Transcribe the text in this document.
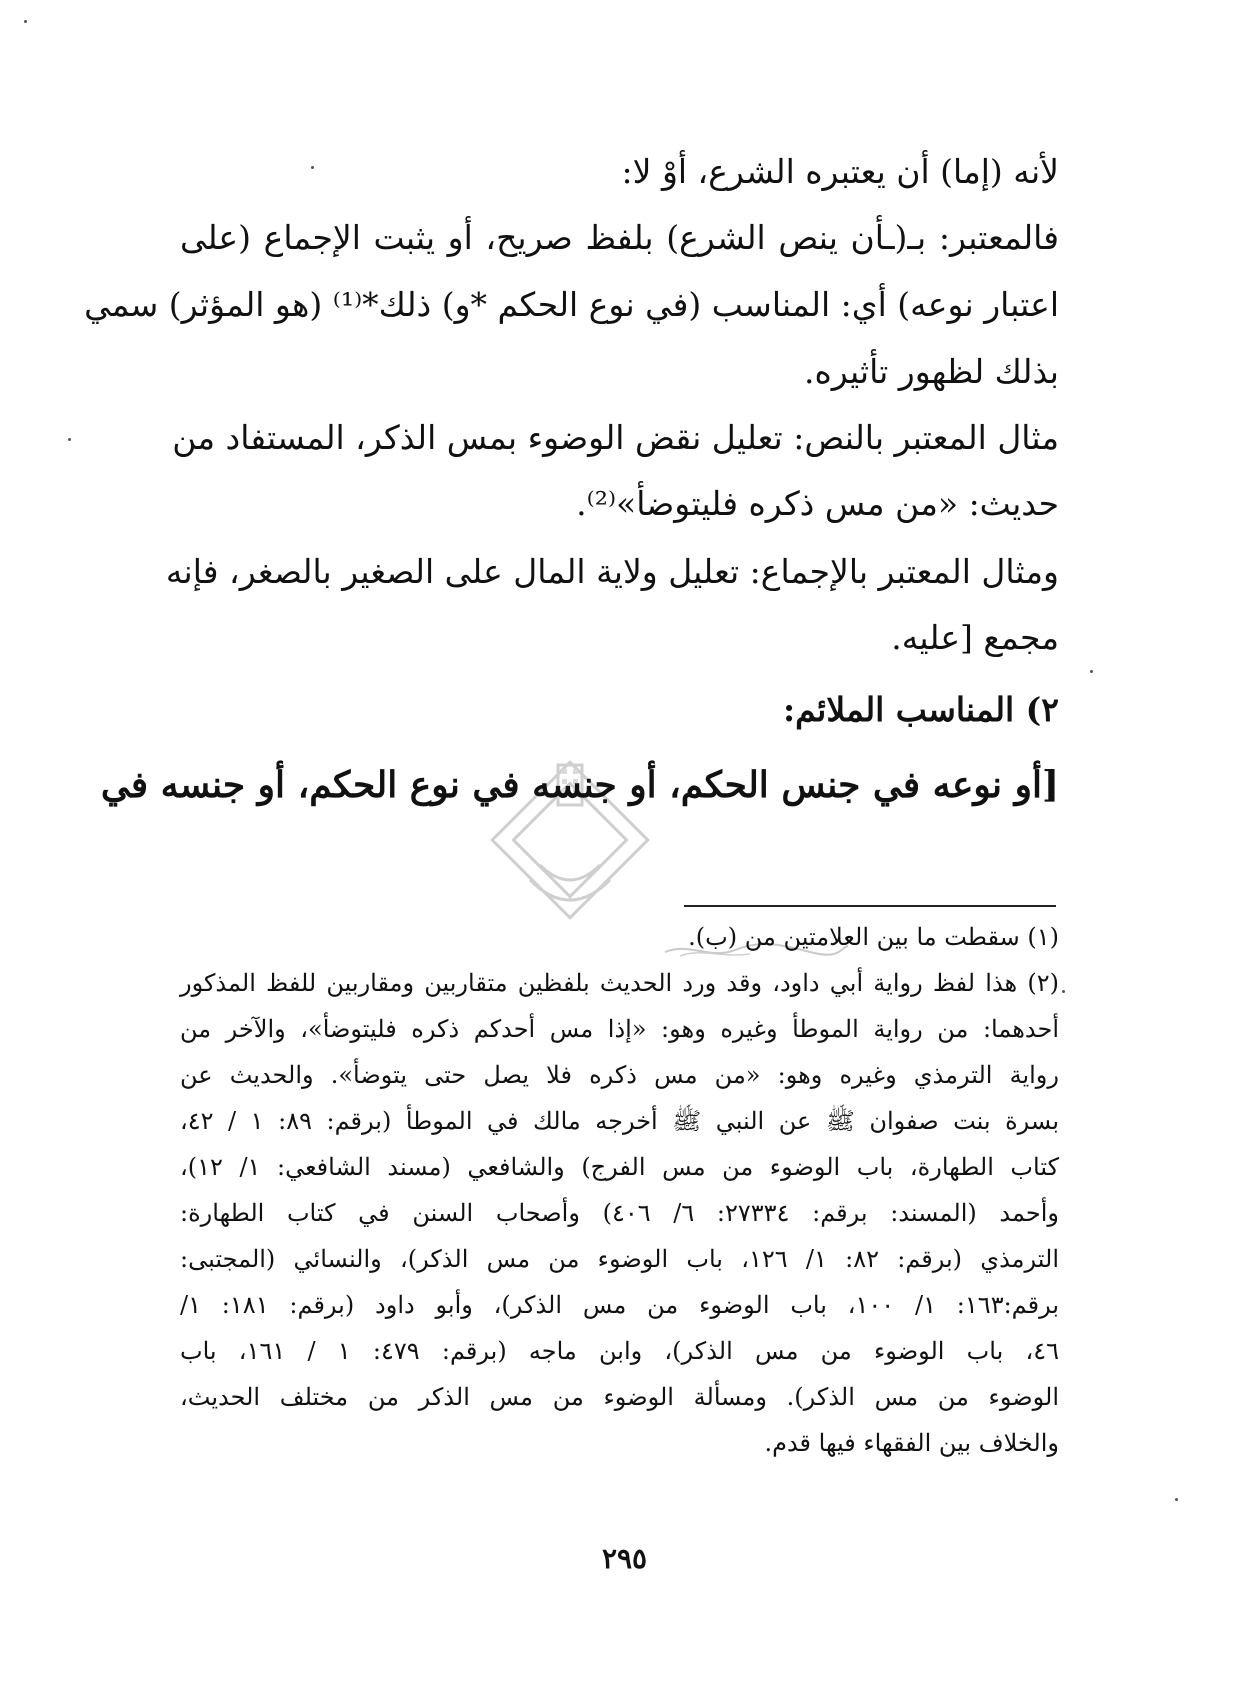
لأنه (إما) أن يعتبره الشرع، أوْ لا:
فالمعتبر: بـ(ـأن ينص الشرع) بلفظ صريح، أو يثبت الإجماع (على
اعتبار نوعه) أي: المناسب (في نوع الحكم *و) ذلك*⁽¹⁾ (هو المؤثر) سمي
بذلك لظهور تأثيره.
مثال المعتبر بالنص: تعليل نقض الوضوء بمس الذكر، المستفاد من
حديث: «من مس ذكره فليتوضأ»⁽²⁾.
ومثال المعتبر بالإجماع: تعليل ولاية المال على الصغير بالصغر، فإنه
مجمع [عليه.
٢) المناسب الملائم:
[أو نوعه في جنس الحكم، أو جنسه في نوع الحكم، أو جنسه في
(١) سقطت ما بين العلامتين من (ب).
(٢) هذا لفظ رواية أبي داود، وقد ورد الحديث بلفظين متقاربين ومقاربين للفظ المذكور
أحدهما: من رواية الموطأ وغيره وهو: «إذا مس أحدكم ذكره فليتوضأ»، والآخر من
رواية الترمذي وغيره وهو: «من مس ذكره فلا يصل حتى يتوضأ». والحديث عن
بسرة بنت صفوان ﷺ عن النبي ﷺ أخرجه مالك في الموطأ (برقم: ٨٩: ١ / ٤٢،
كتاب الطهارة، باب الوضوء من مس الفرج) والشافعي (مسند الشافعي: ١/ ١٢)،
وأحمد (المسند: برقم: ٢٧٣٣٤: ٦/ ٤٠٦) وأصحاب السنن في كتاب الطهارة:
الترمذي (برقم: ٨٢: ١/ ١٢٦، باب الوضوء من مس الذكر)، والنسائي (المجتبى:
برقم:١٦٣: ١/ ١٠٠، باب الوضوء من مس الذكر)، وأبو داود (برقم: ١٨١: ١/
٤٦، باب الوضوء من مس الذكر)، وابن ماجه (برقم: ٤٧٩: ١ / ١٦١، باب
الوضوء من مس الذكر). ومسألة الوضوء من مس الذكر من مختلف الحديث،
والخلاف بين الفقهاء فيها قدم.
٢٩٥
